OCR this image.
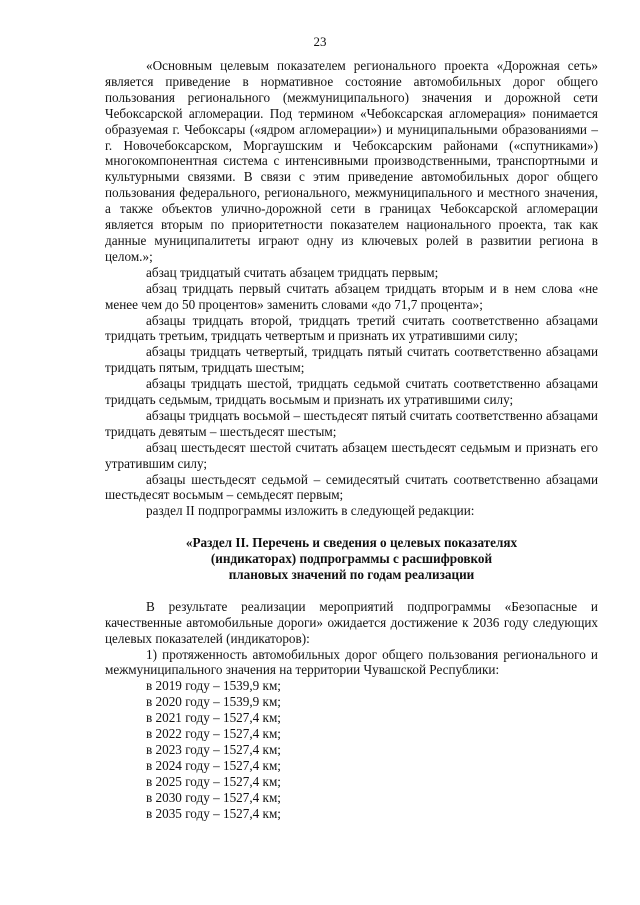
23

«Основным целевым показателем регионального проекта «Дорожная сеть» является приведение в нормативное состояние автомобильных дорог общего пользования регионального (межмуниципального) значения и дорожной сети Чебоксарской агломерации. Под термином «Чебоксарская агломерация» понимается образуемая г. Чебоксары («ядром агломерации») и муниципальными образованиями – г. Новочебоксарском, Моргаушским и Чебоксарским районами («спутниками») многокомпонентная система с интенсивными производственными, транспортными и культурными связями. В связи с этим приведение автомобильных дорог общего пользования федерального, регионального, межмуниципального и местного значения, а также объектов улично-дорожной сети в границах Чебоксарской агломерации является вторым по приоритетности показателем национального проекта, так как данные муниципалитеты играют одну из ключевых ролей в развитии региона в целом.»;

абзац тридцатый считать абзацем тридцать первым;

абзац тридцать первый считать абзацем тридцать вторым и в нем слова «не менее чем до 50 процентов» заменить словами «до 71,7 процента»;

абзацы тридцать второй, тридцать третий считать соответственно абзацами тридцать третьим, тридцать четвертым и признать их утратившими силу;

абзацы тридцать четвертый, тридцать пятый считать соответственно абзацами тридцать пятым, тридцать шестым;

абзацы тридцать шестой, тридцать седьмой считать соответственно абзацами тридцать седьмым, тридцать восьмым и признать их утратившими силу;

абзацы тридцать восьмой – шестьдесят пятый считать соответственно абзацами тридцать девятым – шестьдесят шестым;

абзац шестьдесят шестой считать абзацем шестьдесят седьмым и признать его утратившим силу;

абзацы шестьдесят седьмой – семидесятый считать соответственно абзацами шестьдесят восьмым – семьдесят первым;

раздел II подпрограммы изложить в следующей редакции:

«Раздел II. Перечень и сведения о целевых показателях

(индикаторах) подпрограммы с расшифровкой

плановых значений по годам реализации

В результате реализации мероприятий подпрограммы «Безопасные и качественные автомобильные дороги» ожидается достижение к 2036 году следующих целевых показателей (индикаторов):

1) протяженность автомобильных дорог общего пользования регионального и межмуниципального значения на территории Чувашской Республики:

в 2019 году – 1539,9 км;

в 2020 году – 1539,9 км;

в 2021 году – 1527,4 км;

в 2022 году – 1527,4 км;

в 2023 году – 1527,4 км;

в 2024 году – 1527,4 км;

в 2025 году – 1527,4 км;

в 2030 году – 1527,4 км;

в 2035 году – 1527,4 км;
